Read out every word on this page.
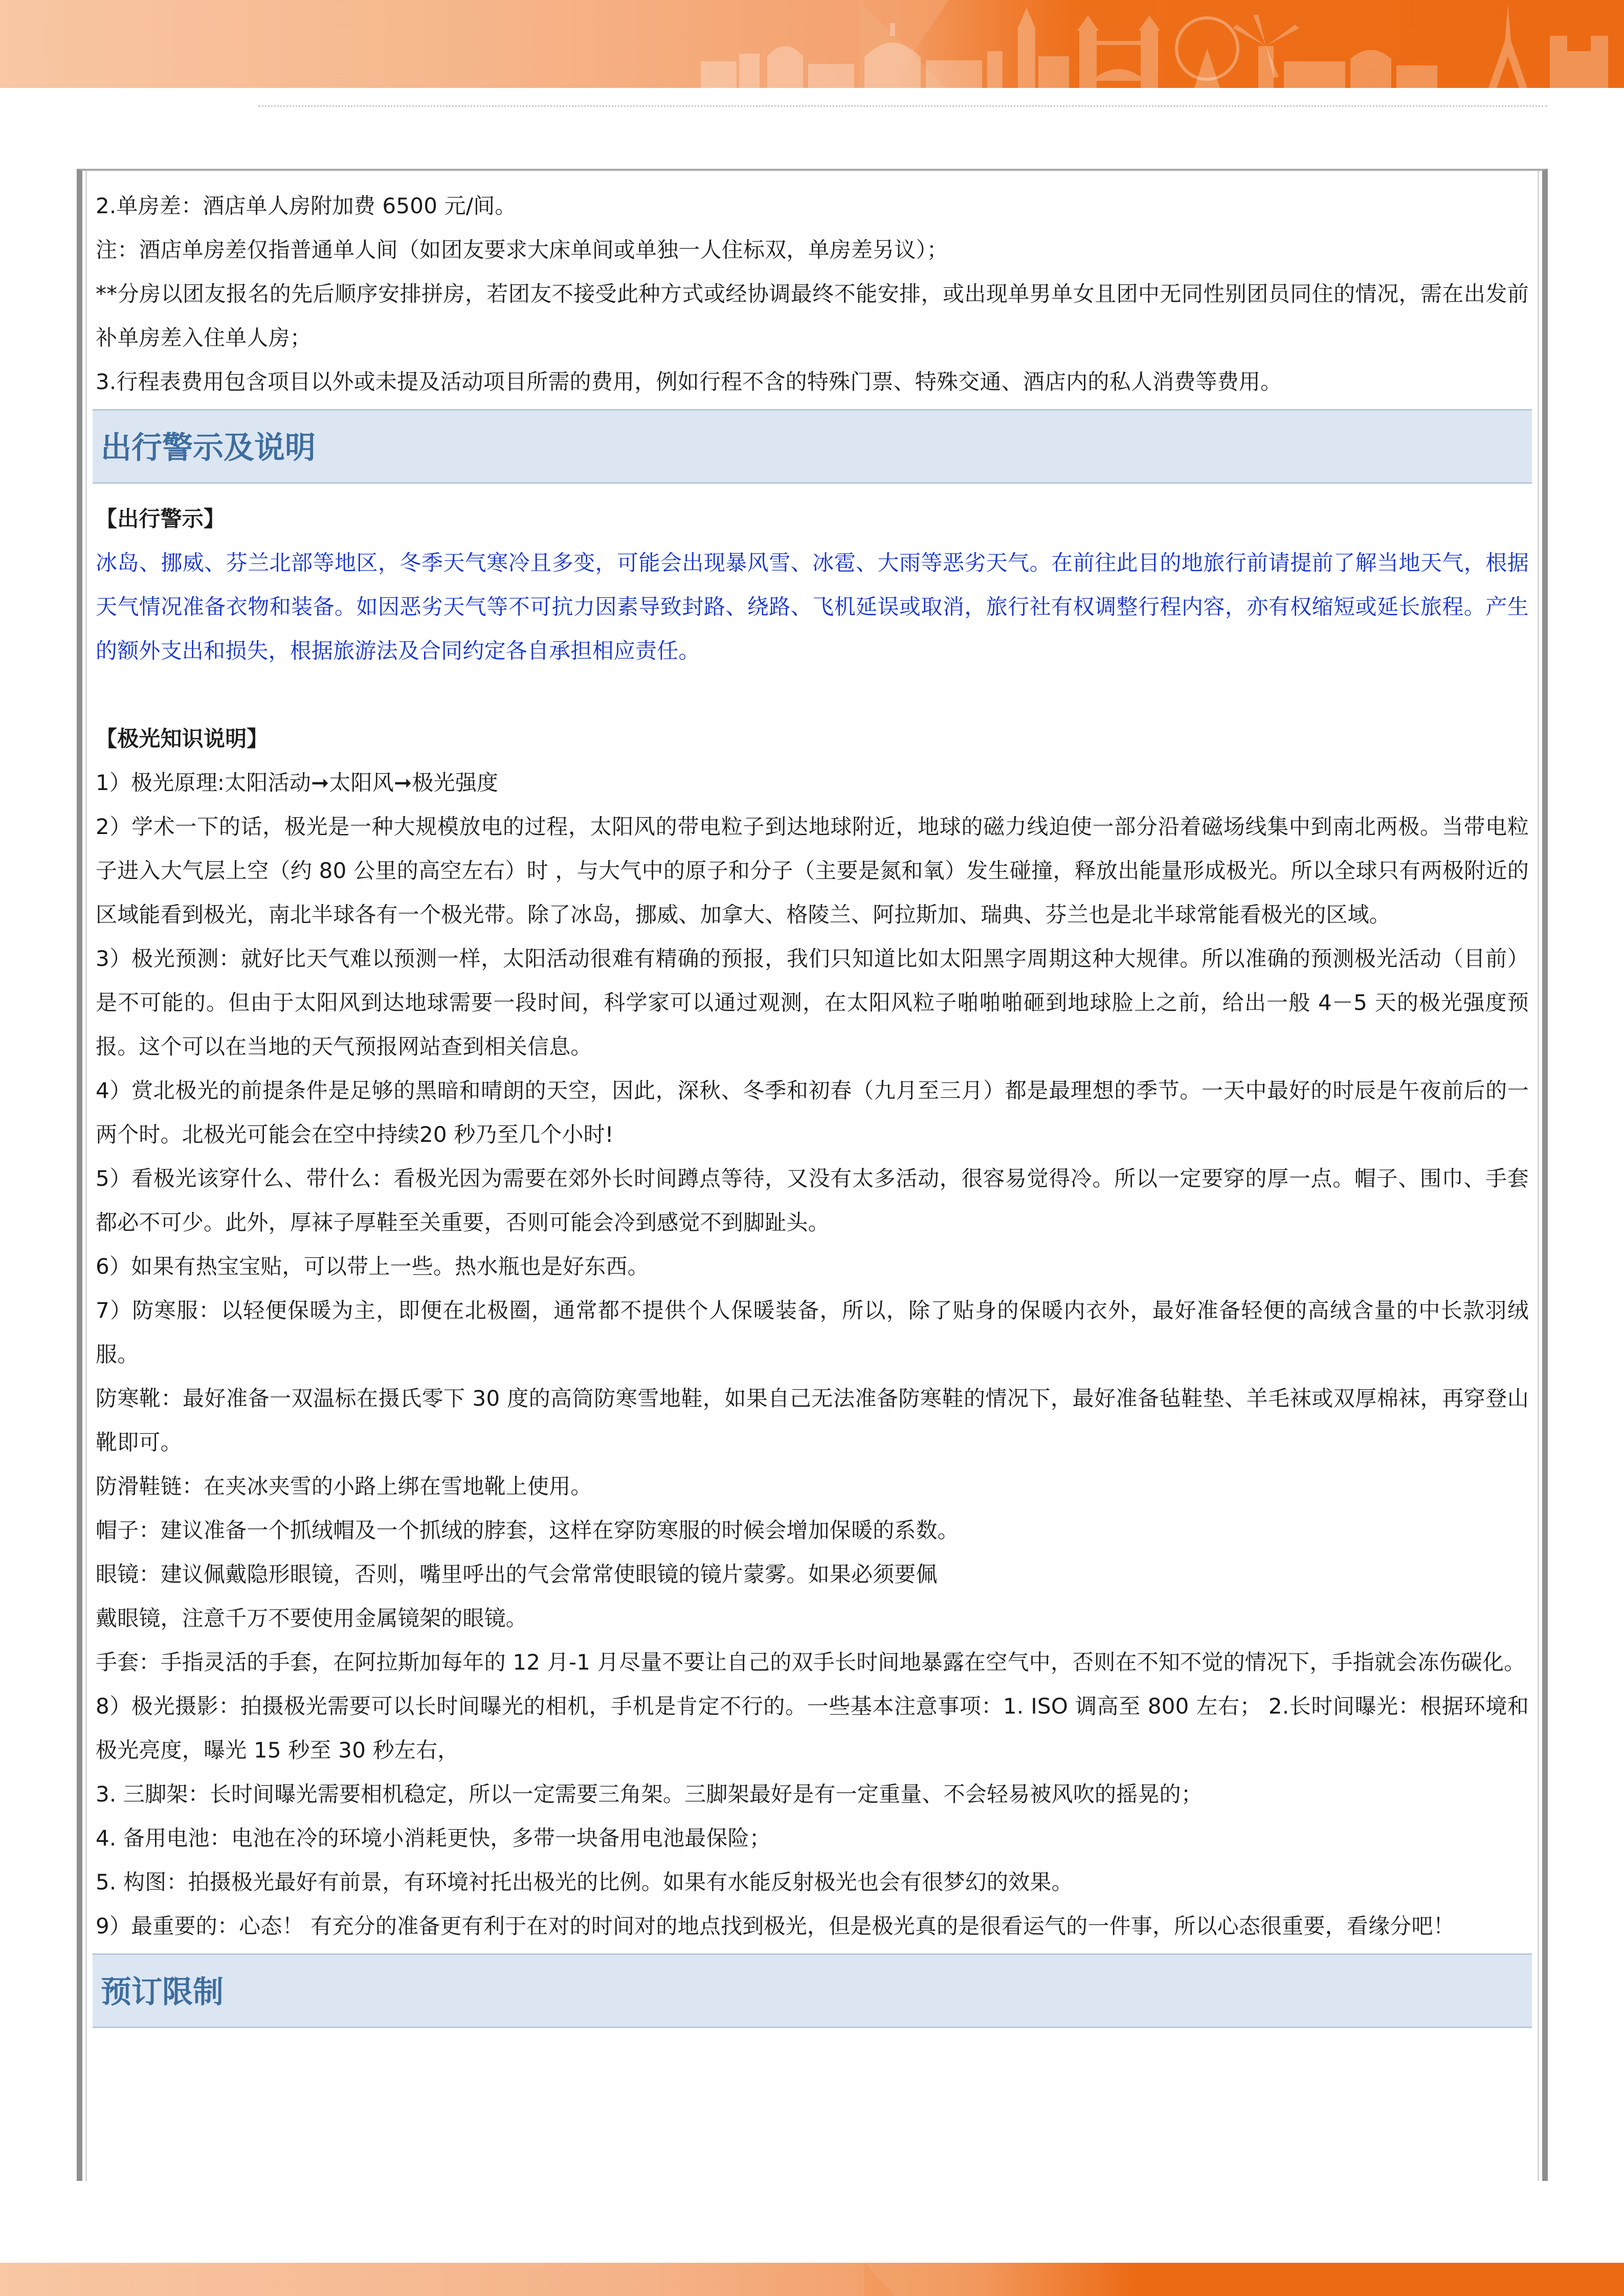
2.单房差：酒店单人房附加费 6500 元/间。

注：酒店单房差仅指普通单人间（如团友要求大床单间或单独一人住标双，单房差另议）；

**分房以团友报名的先后顺序安排拼房，若团友不接受此种方式或经协调最终不能安排，或出现单男单女且团中无同性别团员同住的情况，需在出发前补单房差入住单人房；

3.行程表费用包含项目以外或未提及活动项目所需的费用，例如行程不含的特殊门票、特殊交通、酒店内的私人消费等费用。

出行警示及说明

【出行警示】

冰岛、挪威、芬兰北部等地区，冬季天气寒冷且多变，可能会出现暴风雪、冰雹、大雨等恶劣天气。在前往此目的地旅行前请提前了解当地天气，根据天气情况准备衣物和装备。如因恶劣天气等不可抗力因素导致封路、绕路、飞机延误或取消，旅行社有权调整行程内容，亦有权缩短或延长旅程。产生的额外支出和损失，根据旅游法及合同约定各自承担相应责任。

【极光知识说明】

1）极光原理:太阳活动➞太阳风➞极光强度

2）学术一下的话，极光是一种大规模放电的过程，太阳风的带电粒子到达地球附近，地球的磁力线迫使一部分沿着磁场线集中到南北两极。当带电粒子进入大气层上空（约 80 公里的高空左右）时 ，与大气中的原子和分子（主要是氮和氧）发生碰撞，释放出能量形成极光。所以全球只有两极附近的区域能看到极光，南北半球各有一个极光带。除了冰岛，挪威、加拿大、格陵兰、阿拉斯加、瑞典、芬兰也是北半球常能看极光的区域。

3）极光预测：就好比天气难以预测一样，太阳活动很难有精确的预报，我们只知道比如太阳黑字周期这种大规律。所以准确的预测极光活动（目前）是不可能的。但由于太阳风到达地球需要一段时间，科学家可以通过观测，在太阳风粒子啪啪啪砸到地球脸上之前，给出一般 4－5 天的极光强度预报。这个可以在当地的天气预报网站查到相关信息。

4）赏北极光的前提条件是足够的黑暗和晴朗的天空，因此，深秋、冬季和初春（九月至三月）都是最理想的季节。一天中最好的时辰是午夜前后的一两个时。北极光可能会在空中持续20 秒乃至几个小时!

5）看极光该穿什么、带什么：看极光因为需要在郊外长时间蹲点等待，又没有太多活动，很容易觉得冷。所以一定要穿的厚一点。帽子、围巾、手套都必不可少。此外，厚袜子厚鞋至关重要，否则可能会冷到感觉不到脚趾头。

6）如果有热宝宝贴，可以带上一些。热水瓶也是好东西。

7）防寒服：以轻便保暖为主，即便在北极圈，通常都不提供个人保暖装备，所以，除了贴身的保暖内衣外，最好准备轻便的高绒含量的中长款羽绒服。

防寒靴：最好准备一双温标在摄氏零下 30 度的高筒防寒雪地鞋，如果自己无法准备防寒鞋的情况下，最好准备毡鞋垫、羊毛袜或双厚棉袜，再穿登山靴即可。

防滑鞋链：在夹冰夹雪的小路上绑在雪地靴上使用。

帽子：建议准备一个抓绒帽及一个抓绒的脖套，这样在穿防寒服的时候会增加保暖的系数。

眼镜：建议佩戴隐形眼镜，否则，嘴里呼出的气会常常使眼镜的镜片蒙雾。如果必须要佩

戴眼镜，注意千万不要使用金属镜架的眼镜。

手套：手指灵活的手套，在阿拉斯加每年的 12 月-1 月尽量不要让自己的双手长时间地暴露在空气中，否则在不知不觉的情况下，手指就会冻伤碳化。

8）极光摄影：拍摄极光需要可以长时间曝光的相机，手机是肯定不行的。一些基本注意事项：1. ISO 调高至 800 左右； 2.长时间曝光：根据环境和极光亮度，曝光 15 秒至 30 秒左右，

3. 三脚架：长时间曝光需要相机稳定，所以一定需要三角架。三脚架最好是有一定重量、不会轻易被风吹的摇晃的；

4. 备用电池：电池在冷的环境小消耗更快，多带一块备用电池最保险；

5. 构图：拍摄极光最好有前景，有环境衬托出极光的比例。如果有水能反射极光也会有很梦幻的效果。

9）最重要的：心态！ 有充分的准备更有利于在对的时间对的地点找到极光，但是极光真的是很看运气的一件事，所以心态很重要，看缘分吧！

预订限制
